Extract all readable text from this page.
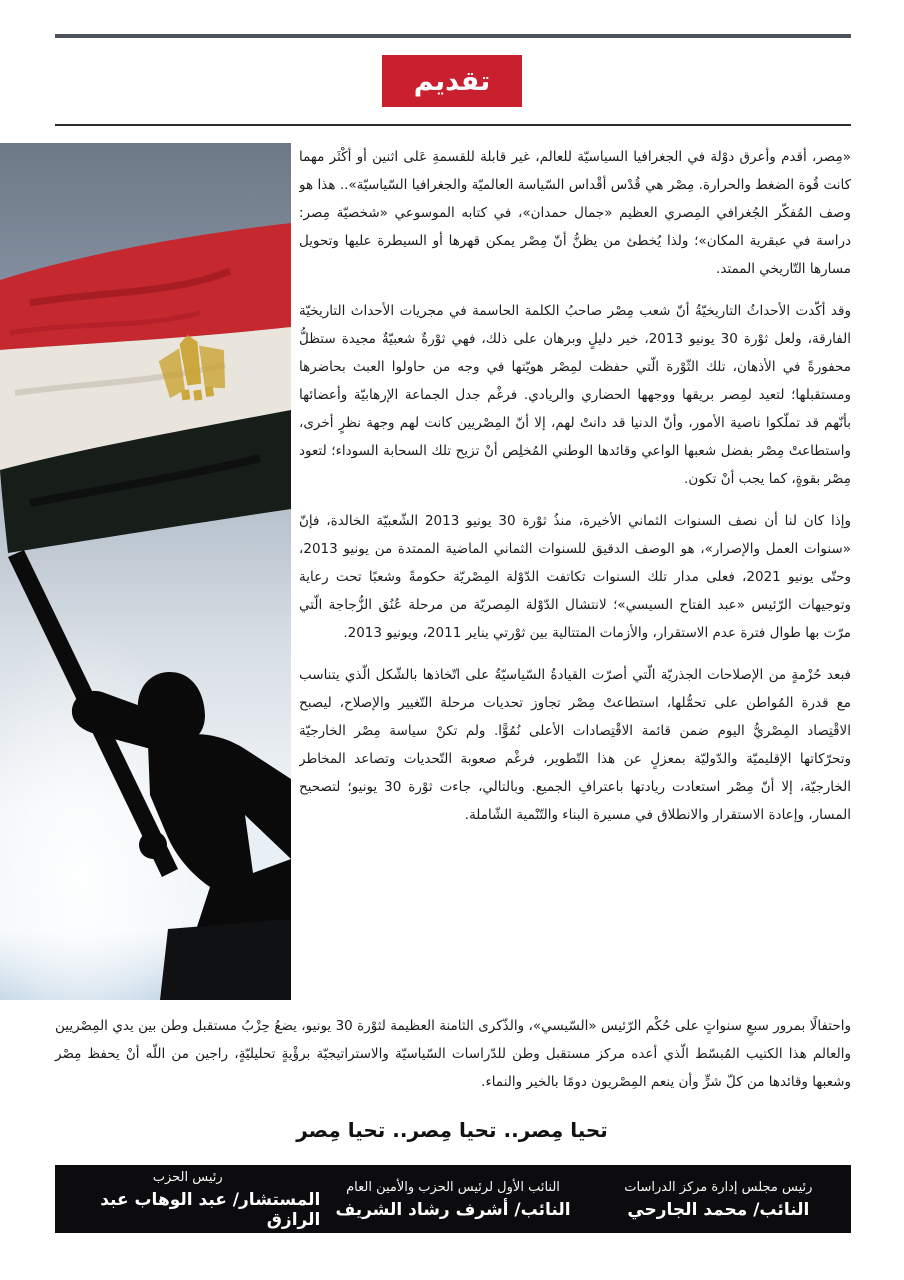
تقديم

«مِصر، أقدم وأعرق دوْلة في الجغرافيا السياسيّة للعالم، غير قابلة للقسمةِ عَلى اثنين أو أكْثَر مهما كانت قُوة الضغط والحرارة. مِصْر هي قُدْس أقْداس السّياسة العالميّة والجغرافيا السّياسيّة».. هذا هو وصف المُفكّر الجُغرافي المِصري العظيم «جمال حمدان»، في كتابه الموسوعي «شخصيّة مِصر: دراسة في عبقرية المكان»؛ ولذا يُخطئ من يظنُّ أنّ مِصْر يمكن قهرها أو السيطرة عليها وتحويل مسارها التّاريخي الممتد.

وقد أكّدت الأحداثُ التاريخيّةُ أنّ شعب مِصْر صاحبُ الكلمة الحاسمة في مجريات الأحداث التاريخيّة الفارقة، ولعل ثوْرة 30 يونيو 2013، خير دليلٍ وبرهان على ذلك، فهي ثوْرةٌ شعبيّةٌ مجيدة ستظلُّ محفورةً في الأذهان، تلك الثّوْرة الّتي حفظت لمِصْر هويّتها في وجه من حاولوا العبث بحاضرها ومستقبلها؛ لتعيد لمِصر بريقها ووجهها الحضاري والريادي. فرغْم جدل الجماعة الإرهابيّة وأعضائها بأنّهم قد تملّكوا ناصية الأمور، وأنّ الدنيا قد دانتْ لهم، إلا أنّ المِصْريين كانت لهم وجهة نظرٍ أخرى، واستطاعتْ مِصْر بفضل شعبها الواعي وقائدها الوطني المُخلِص أنْ تزيح تلك السحابة السوداء؛ لتعود مِصْر بقوةٍ، كما يجب أنْ تكون.

وإذا كان لنا أن نصف السنوات الثماني الأخيرة، منذُ ثوْرة 30 يونيو 2013 الشّعبيّة الخالدة، فإنّ «سنوات العمل والإصرار»، هو الوصف الدقيق للسنوات الثماني الماضية الممتدة من يونيو 2013، وحتّى يونيو 2021، فعلى مدار تلك السنوات تكاتفت الدّوْلة المِصْريّة حكومةً وشعبًا تحت رعاية وتوجيهات الرّئيس «عبد الفتاح السيسي»؛ لانتشال الدّوْلة المِصريّة من مرحلة عُنُق الزُّجاجة الّتي مرّت بها طوال فترة عدم الاستقرار، والأزمات المتتالية بين ثوْرتي يناير 2011، ويونيو 2013.

فبعد حُزْمةٍ من الإصلاحات الجذريّة الّتي أصرّت القيادةُ السّياسيّةُ على اتّخاذها بالشّكل الّذي يتناسب مع قدرة المُواطن على تحمُّلها، استطاعتْ مِصْر تجاوز تحديات مرحلة التّغيير والإصلاح، ليصبح الاقْتِصاد المِصْريُّ اليوم ضمن قائمة الاقْتِصادات الأعلى نُمُوًّا. ولم تكنْ سياسة مِصْر الخارجيّة وتحرّكاتها الإقليميّة والدّوليّة بمعزلٍ عن هذا التّطوير، فرغْم صعوبة التّحديات وتصاعد المخاطر الخارجيّة، إلا أنّ مِصْر استعادت ريادتها باعترافِ الجميع. وبالتالي، جاءت ثوْرة 30 يونيو؛ لتصحيح المسار، وإعادة الاستقرار والانطلاق في مسيرة البناء والتّنْمية الشّاملة.

واحتفالًا بمرور سبعِ سنواتٍ على حُكْم الرّئيس «السّيسي»، والذّكرى الثامنة العظيمة لثوْرة 30 يونيو، يضعُ حِزْبُ مستقبل وطن بين يدي المِصْريين والعالم هذا الكتيب المُبسّط الّذي أعده مركز مستقبل وطن للدّراسات السّياسيّة والاستراتيجيّة برؤْيةٍ تحليليّةٍ، راجين من اللّه أنْ يحفظ مِصْر وشعبها وقائدها من كلّ شرٍّ وأن ينعم المِصْريون دومًا بالخير والنماء.
تحيا مِصر.. تحيا مِصر.. تحيا مِصر
رئيس مجلس إدارة مركز الدراسات
النائب/ محمد الجارحي
النائب الأول لرئيس الحزب والأمين العام
النائب/ أشرف رشاد الشريف
رئيس الحزب
المستشار/ عبد الوهاب عبد الرازق
